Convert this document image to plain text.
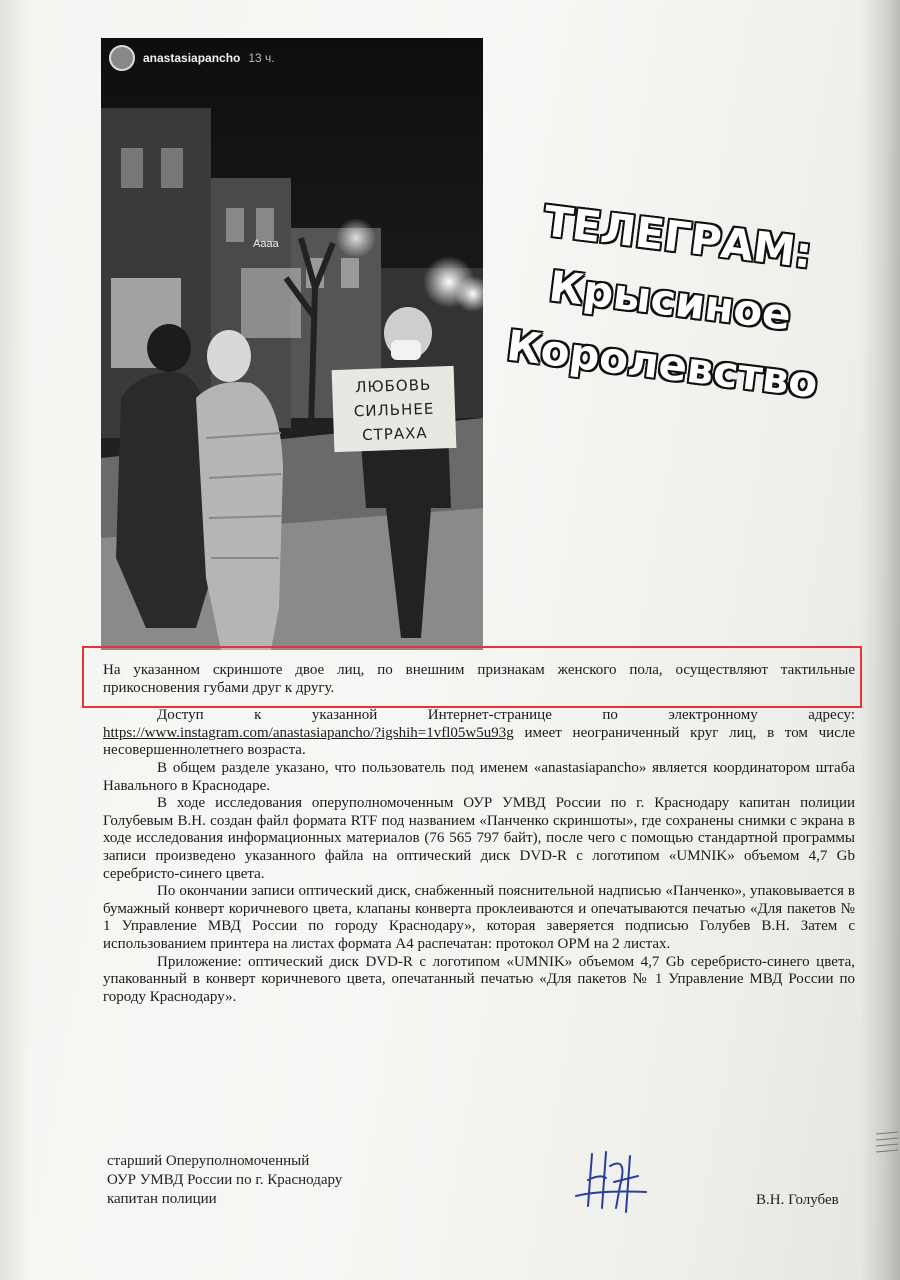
anastasiapancho 13 ч.
Aaaa
ЛЮБОВЬ
СИЛЬНЕЕ
СТРАХА
ТЕЛЕГРАМ:
Крысиное
Королевство

На указанном скриншоте двое лиц, по внешним признакам женского пола, осуществляют тактильные прикосновения губами друг к другу.

Доступ к указанной Интернет-странице по электронному адресу: https://www.instagram.com/anastasiapancho/?igshih=1vfl05w5u93g имеет неограниченный круг лиц, в том числе несовершеннолетнего возраста.

В общем разделе указано, что пользователь под именем «anastasiapancho» является координатором штаба Навального в Краснодаре.

В ходе исследования оперуполномоченным ОУР УМВД России по г. Краснодару капитан полиции Голубевым В.Н. создан файл формата RTF под названием «Панченко скриншоты», где сохранены снимки с экрана в ходе исследования информационных материалов (76 565 797 байт), после чего с помощью стандартной программы записи произведено указанного файла на оптический диск DVD-R с логотипом «UMNIK» объемом 4,7 Gb серебристо-синего цвета.

По окончании записи оптический диск, снабженный пояснительной надписью «Панченко», упаковывается в бумажный конверт коричневого цвета, клапаны конверта проклеиваются и опечатываются печатью «Для пакетов № 1 Управление МВД России по городу Краснодару», которая заверяется подписью Голубев В.Н. Затем с использованием принтера на листах формата А4 распечатан: протокол ОРМ на 2 листах.

Приложение: оптический диск DVD-R с логотипом «UMNIK» объемом 4,7 Gb серебристо-синего цвета, упакованный в конверт коричневого цвета, опечатанный печатью «Для пакетов № 1 Управление МВД России по городу Краснодару».

старший Оперуполномоченный
ОУР УМВД России по г. Краснодару
капитан полиции	В.Н. Голубев
